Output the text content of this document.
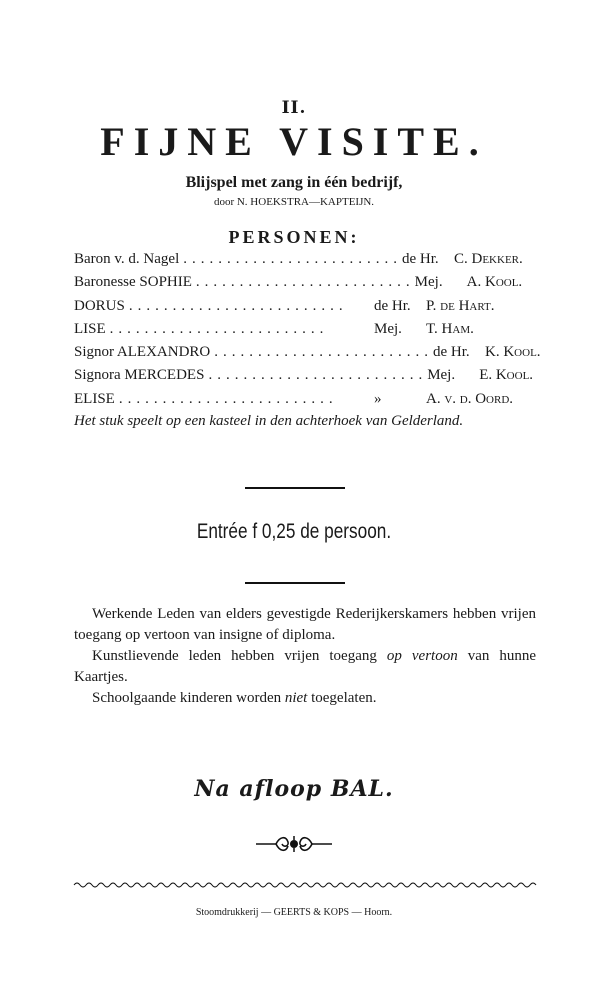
II.
FIJNE VISITE.
Blijspel met zang in één bedrijf,
door N. HOEKSTRA—KAPTEIJN.
PERSONEN:
Baron v. d. Nagel ......................... de Hr.	C. Dekker.
Baronesse SOPHIE ......................... Mej.	A. Kool.
DORUS .........................	de Hr.	P. de Hart.
LISE .........................	Mej.	T. Ham.
Signor ALEXANDRO ......................... de Hr.	K. Kool.
Signora MERCEDES ......................... Mej.	E. Kool.
ELISE .........................	»	A. v. d. Oord.
Het stuk speelt op een kasteel in den achterhoek van Gelderland.
Entrée f 0,25 de persoon.

Werkende Leden van elders gevestigde Rederijkerskamers hebben vrijen toegang op vertoon van insigne of diploma.

Kunstlievende leden hebben vrijen toegang op vertoon van hunne Kaartjes.

Schoolgaande kinderen worden niet toegelaten.

Na afloop BAL.
Stoomdrukkerij — GEERTS & KOPS — Hoorn.
